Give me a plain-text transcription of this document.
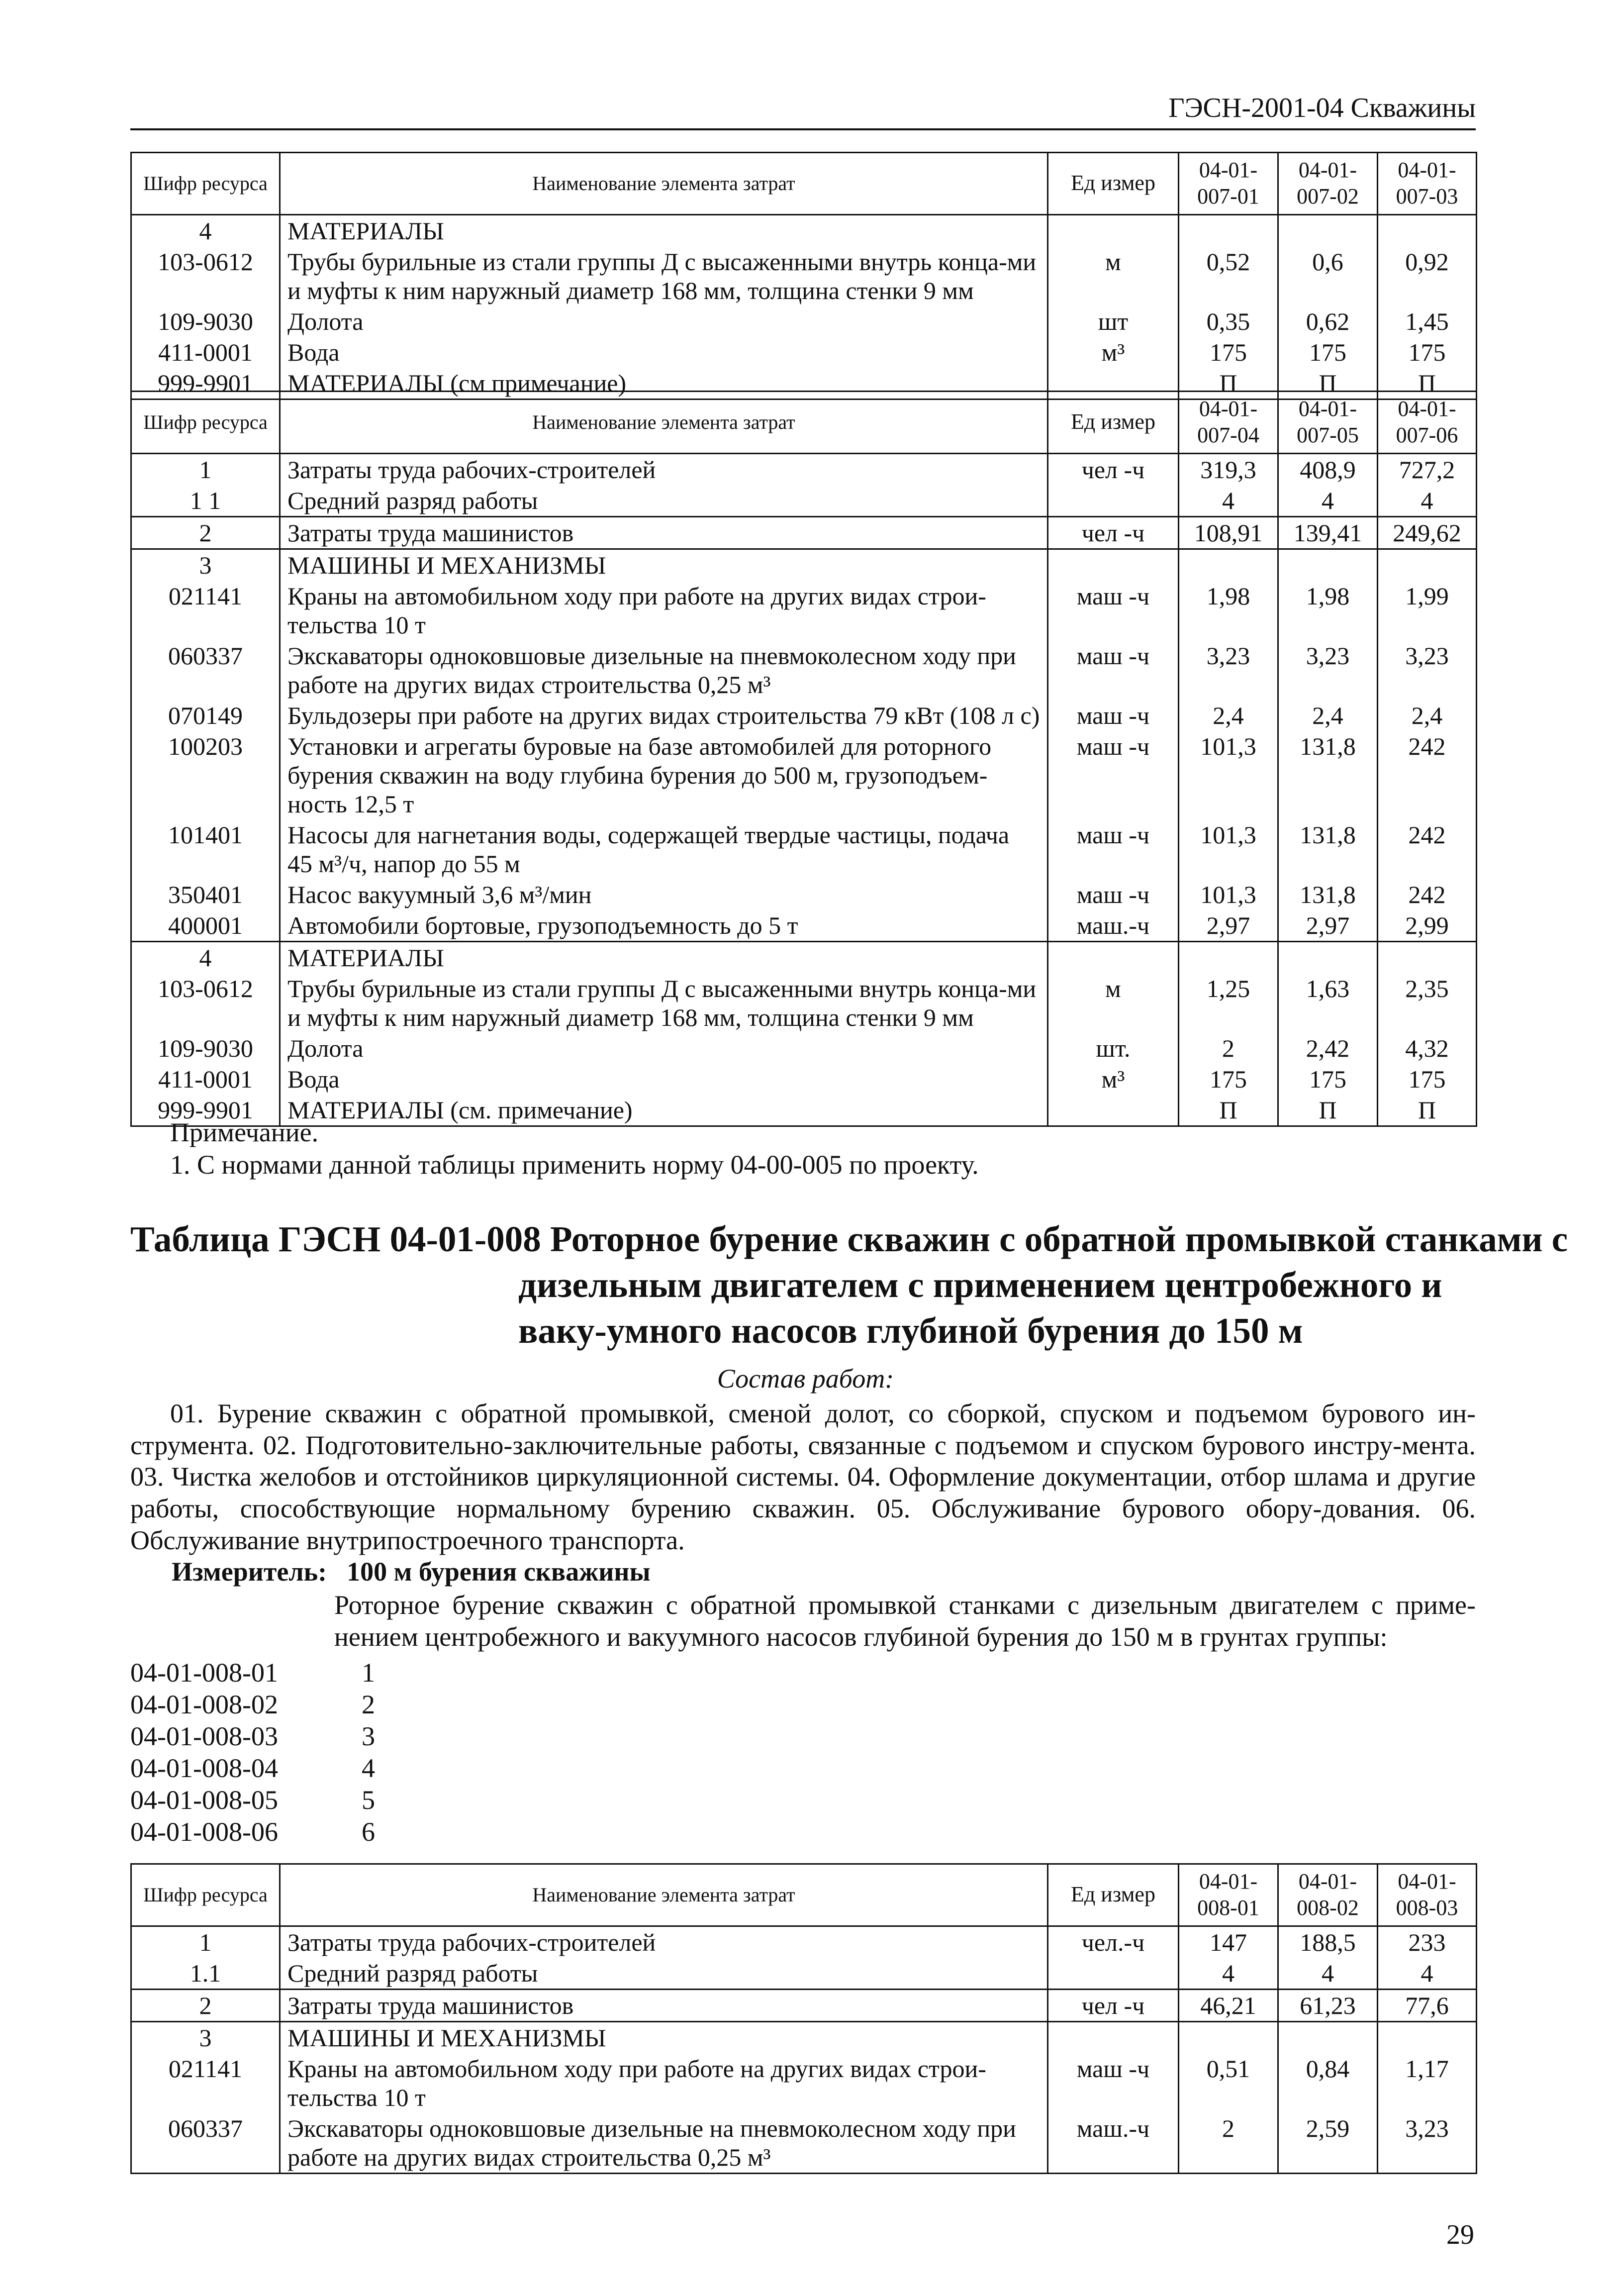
ГЭСН-2001-04 Скважины
Шифр ресурса	Наименование элемента затрат	Ед измер	04-01-007-01	04-01-007-02	04-01-007-03
4	МАТЕРИАЛЫ				
103-0612	Трубы бурильные из стали группы Д с высаженными внутрь конца-ми и муфты к ним наружный диаметр 168 мм, толщина стенки 9 мм	м	0,52	0,6	0,92
109-9030	Долота	шт	0,35	0,62	1,45
411-0001	Вода	м³	175	175	175
999-9901	МАТЕРИАЛЫ (см примечание)		П	П	П
Шифр ресурса	Наименование элемента затрат	Ед измер	04-01-007-04	04-01-007-05	04-01-007-06
1	Затраты труда рабочих-строителей	чел -ч	319,3	408,9	727,2
1 1	Средний разряд работы		4	4	4
2	Затраты труда машинистов	чел -ч	108,91	139,41	249,62
3	МАШИНЫ И МЕХАНИЗМЫ				
021141	Краны на автомобильном ходу при работе на других видах строи-тельства 10 т	маш -ч	1,98	1,98	1,99
060337	Экскаваторы одноковшовые дизельные на пневмоколесном ходу при работе на других видах строительства 0,25 м³	маш -ч	3,23	3,23	3,23
070149	Бульдозеры при работе на других видах строительства 79 кВт (108 л с)	маш -ч	2,4	2,4	2,4
100203	Установки и агрегаты буровые на базе автомобилей для роторного бурения скважин на воду глубина бурения до 500 м, грузоподъем-ность 12,5 т	маш -ч	101,3	131,8	242
101401	Насосы для нагнетания воды, содержащей твердые частицы, подача 45 м³/ч, напор до 55 м	маш -ч	101,3	131,8	242
350401	Насос вакуумный 3,6 м³/мин	маш -ч	101,3	131,8	242
400001	Автомобили бортовые, грузоподъемность до 5 т	маш.-ч	2,97	2,97	2,99
4	МАТЕРИАЛЫ				
103-0612	Трубы бурильные из стали группы Д с высаженными внутрь конца-ми и муфты к ним наружный диаметр 168 мм, толщина стенки 9 мм	м	1,25	1,63	2,35
109-9030	Долота	шт.	2	2,42	4,32
411-0001	Вода	м³	175	175	175
999-9901	МАТЕРИАЛЫ (см. примечание)		П	П	П
Примечание.
1. С нормами данной таблицы применить норму 04-00-005 по проекту.
Таблица ГЭСН 04-01-008 Роторное бурение скважин с обратной промывкой станками с
дизельным двигателем с применением центробежного и ваку-умного насосов глубиной бурения до 150 м
Состав работ:
01. Бурение скважин с обратной промывкой, сменой долот, со сборкой, спуском и подъемом бурового ин-струмента. 02. Подготовительно-заключительные работы, связанные с подъемом и спуском бурового инстру-мента. 03. Чистка желобов и отстойников циркуляционной системы. 04. Оформление документации, отбор шлама и другие работы, способствующие нормальному бурению скважин. 05. Обслуживание бурового обору-дования. 06. Обслуживание внутрипостроечного транспорта.
Измеритель: 100 м бурения скважины
Роторное бурение скважин с обратной промывкой станками с дизельным двигателем с приме-нением центробежного и вакуумного насосов глубиной бурения до 150 м в грунтах группы:
04-01-008-01	1
04-01-008-02	2
04-01-008-03	3
04-01-008-04	4
04-01-008-05	5
04-01-008-06	6
Шифр ресурса	Наименование элемента затрат	Ед измер	04-01-008-01	04-01-008-02	04-01-008-03
1	Затраты труда рабочих-строителей	чел.-ч	147	188,5	233
1.1	Средний разряд работы		4	4	4
2	Затраты труда машинистов	чел -ч	46,21	61,23	77,6
3	МАШИНЫ И МЕХАНИЗМЫ				
021141	Краны на автомобильном ходу при работе на других видах строи-тельства 10 т	маш -ч	0,51	0,84	1,17
060337	Экскаваторы одноковшовые дизельные на пневмоколесном ходу при работе на других видах строительства 0,25 м³	маш.-ч	2	2,59	3,23
29
